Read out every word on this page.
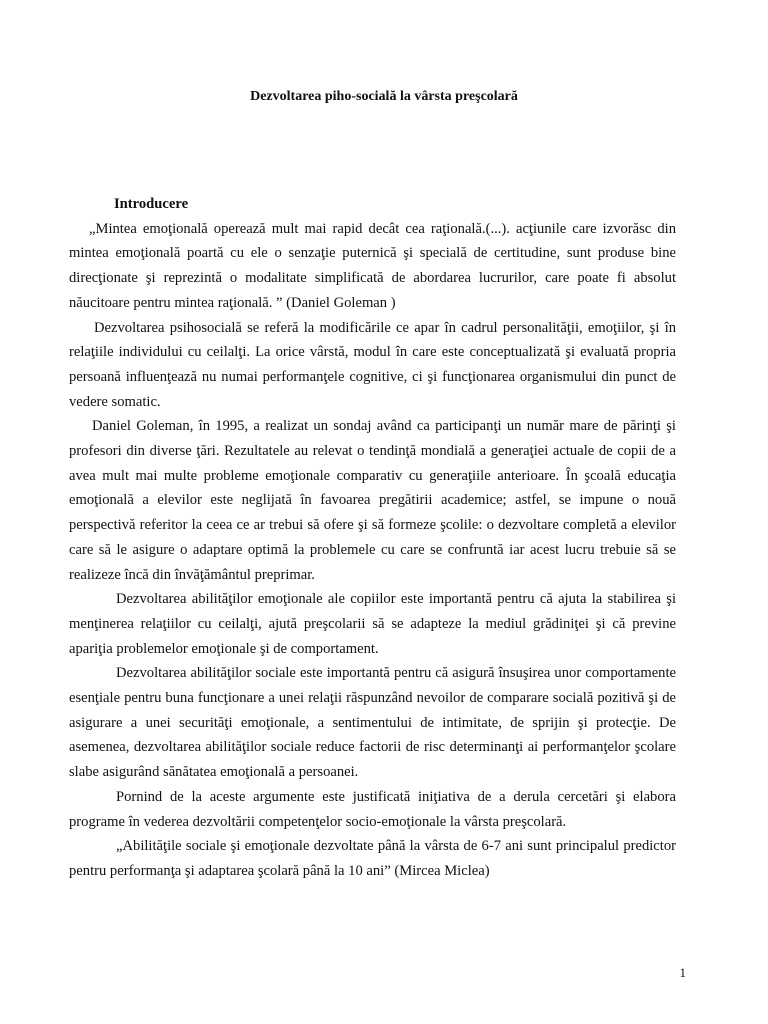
Dezvoltarea piho-socială la vârsta preşcolară

Introducere

„Mintea emoţională operează mult mai rapid decât cea raţională.(...). acţiunile care izvorăsc din mintea emoţională poartă cu ele o senzaţie puternică şi specială de certitudine, sunt produse bine direcţionate şi reprezintă o modalitate simplificată de abordarea lucrurilor, care poate fi absolut năucitoare pentru mintea raţională. ” (Daniel Goleman )

Dezvoltarea psihosocială se referă la modificările ce apar în cadrul personalităţii, emoţiilor, şi în relaţiile individului cu ceilalţi. La orice vârstă, modul în care este conceptualizată şi evaluată propria persoană influenţează nu numai performanţele cognitive, ci şi funcţionarea organismului din punct de vedere somatic.

Daniel Goleman, în 1995, a realizat un sondaj având ca participanţi un număr mare de părinţi şi profesori din diverse ţări. Rezultatele au relevat o tendinţă mondială a generaţiei actuale de copii de a avea mult mai multe probleme emoţionale comparativ cu generaţiile anterioare. În şcoală educaţia emoţională a elevilor este neglijată în favoarea pregătirii academice; astfel, se impune o nouă perspectivă referitor la ceea ce ar trebui să ofere şi să formeze şcolile: o dezvoltare completă a elevilor care să le asigure o adaptare optimă la problemele cu care se confruntă iar acest lucru trebuie să se realizeze încă din învăţământul preprimar.

Dezvoltarea abilităţilor emoţionale ale copiilor este importantă pentru că ajuta la stabilirea şi menţinerea relaţiilor cu ceilalţi, ajută preşcolarii să se adapteze la mediul grădiniţei şi că previne apariţia problemelor emoţionale şi de comportament.

Dezvoltarea abilităţilor sociale este importantă pentru că asigură însuşirea unor comportamente esenţiale pentru buna funcţionare a unei relaţii răspunzând nevoilor de comparare socială pozitivă şi de asigurare a unei securităţi emoţionale, a sentimentului de intimitate, de sprijin şi protecţie. De asemenea, dezvoltarea abilităţilor sociale reduce factorii de risc determinanţi ai performanţelor şcolare slabe asigurând sănătatea emoţională a persoanei.

Pornind de la aceste argumente este justificată iniţiativa de a derula cercetări şi elabora programe în vederea dezvoltării competenţelor socio-emoţionale la vârsta preşcolară.

„Abilităţile sociale şi emoţionale dezvoltate până la vârsta de 6-7 ani sunt principalul predictor pentru performanţa şi adaptarea şcolară până la 10 ani” (Mircea Miclea)

1
